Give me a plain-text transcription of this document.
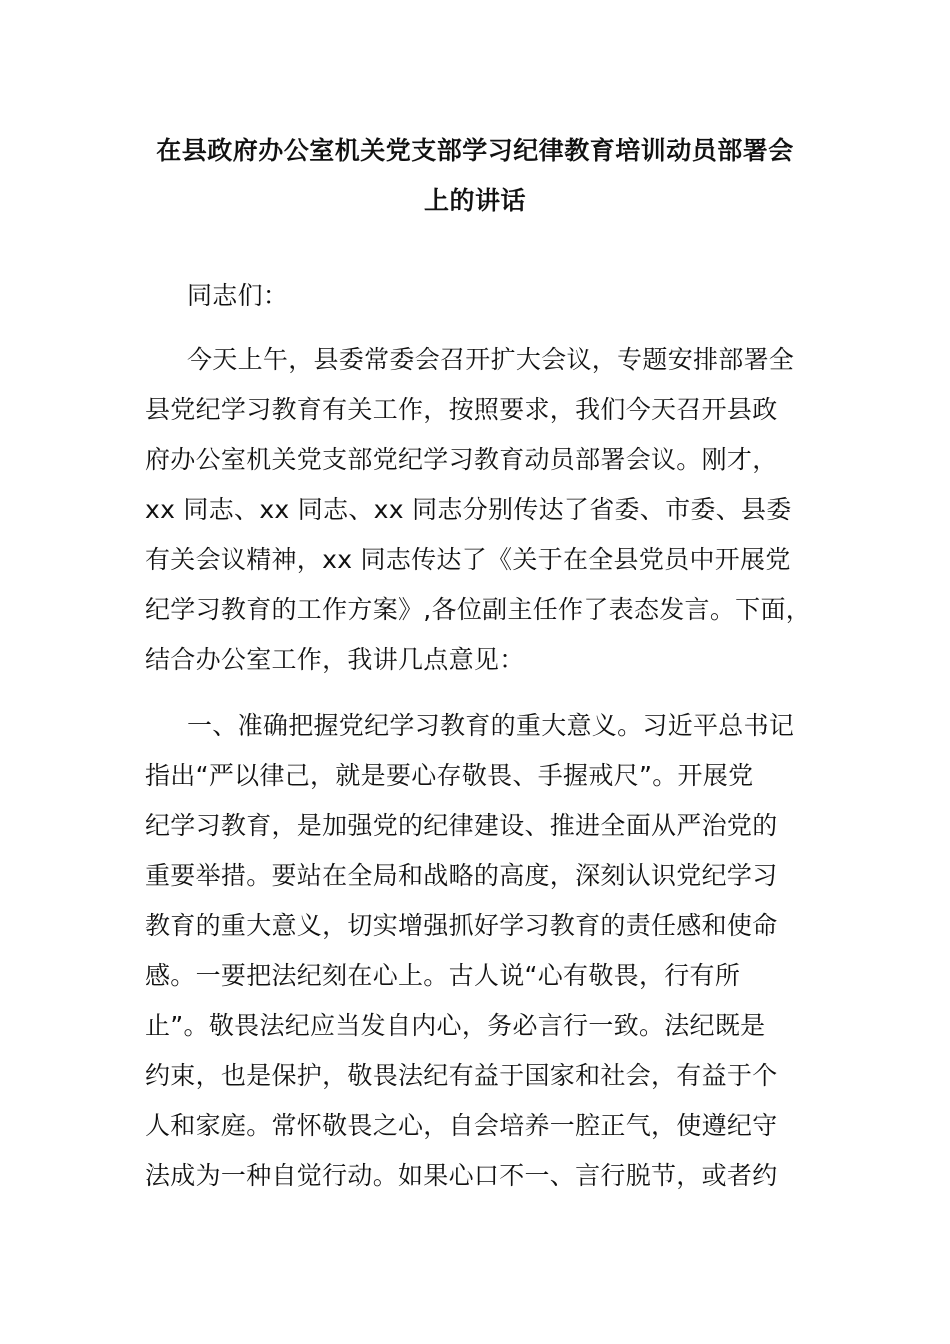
在县政府办公室机关党支部学习纪律教育培训动员部署会
上的讲话
同志们：
今天上午，县委常委会召开扩大会议，专题安排部署全
县党纪学习教育有关工作，按照要求，我们今天召开县政
府办公室机关党支部党纪学习教育动员部署会议。刚才，
xx 同志、xx 同志、xx 同志分别传达了省委、市委、县委
有关会议精神，xx 同志传达了《关于在全县党员中开展党
纪学习教育的工作方案》,各位副主任作了表态发言。下面，
结合办公室工作，我讲几点意见：
一、准确把握党纪学习教育的重大意义。习近平总书记
指出“严以律己，就是要心存敬畏、手握戒尺”。开展党
纪学习教育，是加强党的纪律建设、推进全面从严治党的
重要举措。要站在全局和战略的高度，深刻认识党纪学习
教育的重大意义，切实增强抓好学习教育的责任感和使命
感。一要把法纪刻在心上。古人说“心有敬畏，行有所
止”。敬畏法纪应当发自内心，务必言行一致。法纪既是
约束，也是保护，敬畏法纪有益于国家和社会，有益于个
人和家庭。常怀敬畏之心，自会培养一腔正气，使遵纪守
法成为一种自觉行动。如果心口不一、言行脱节，或者约
